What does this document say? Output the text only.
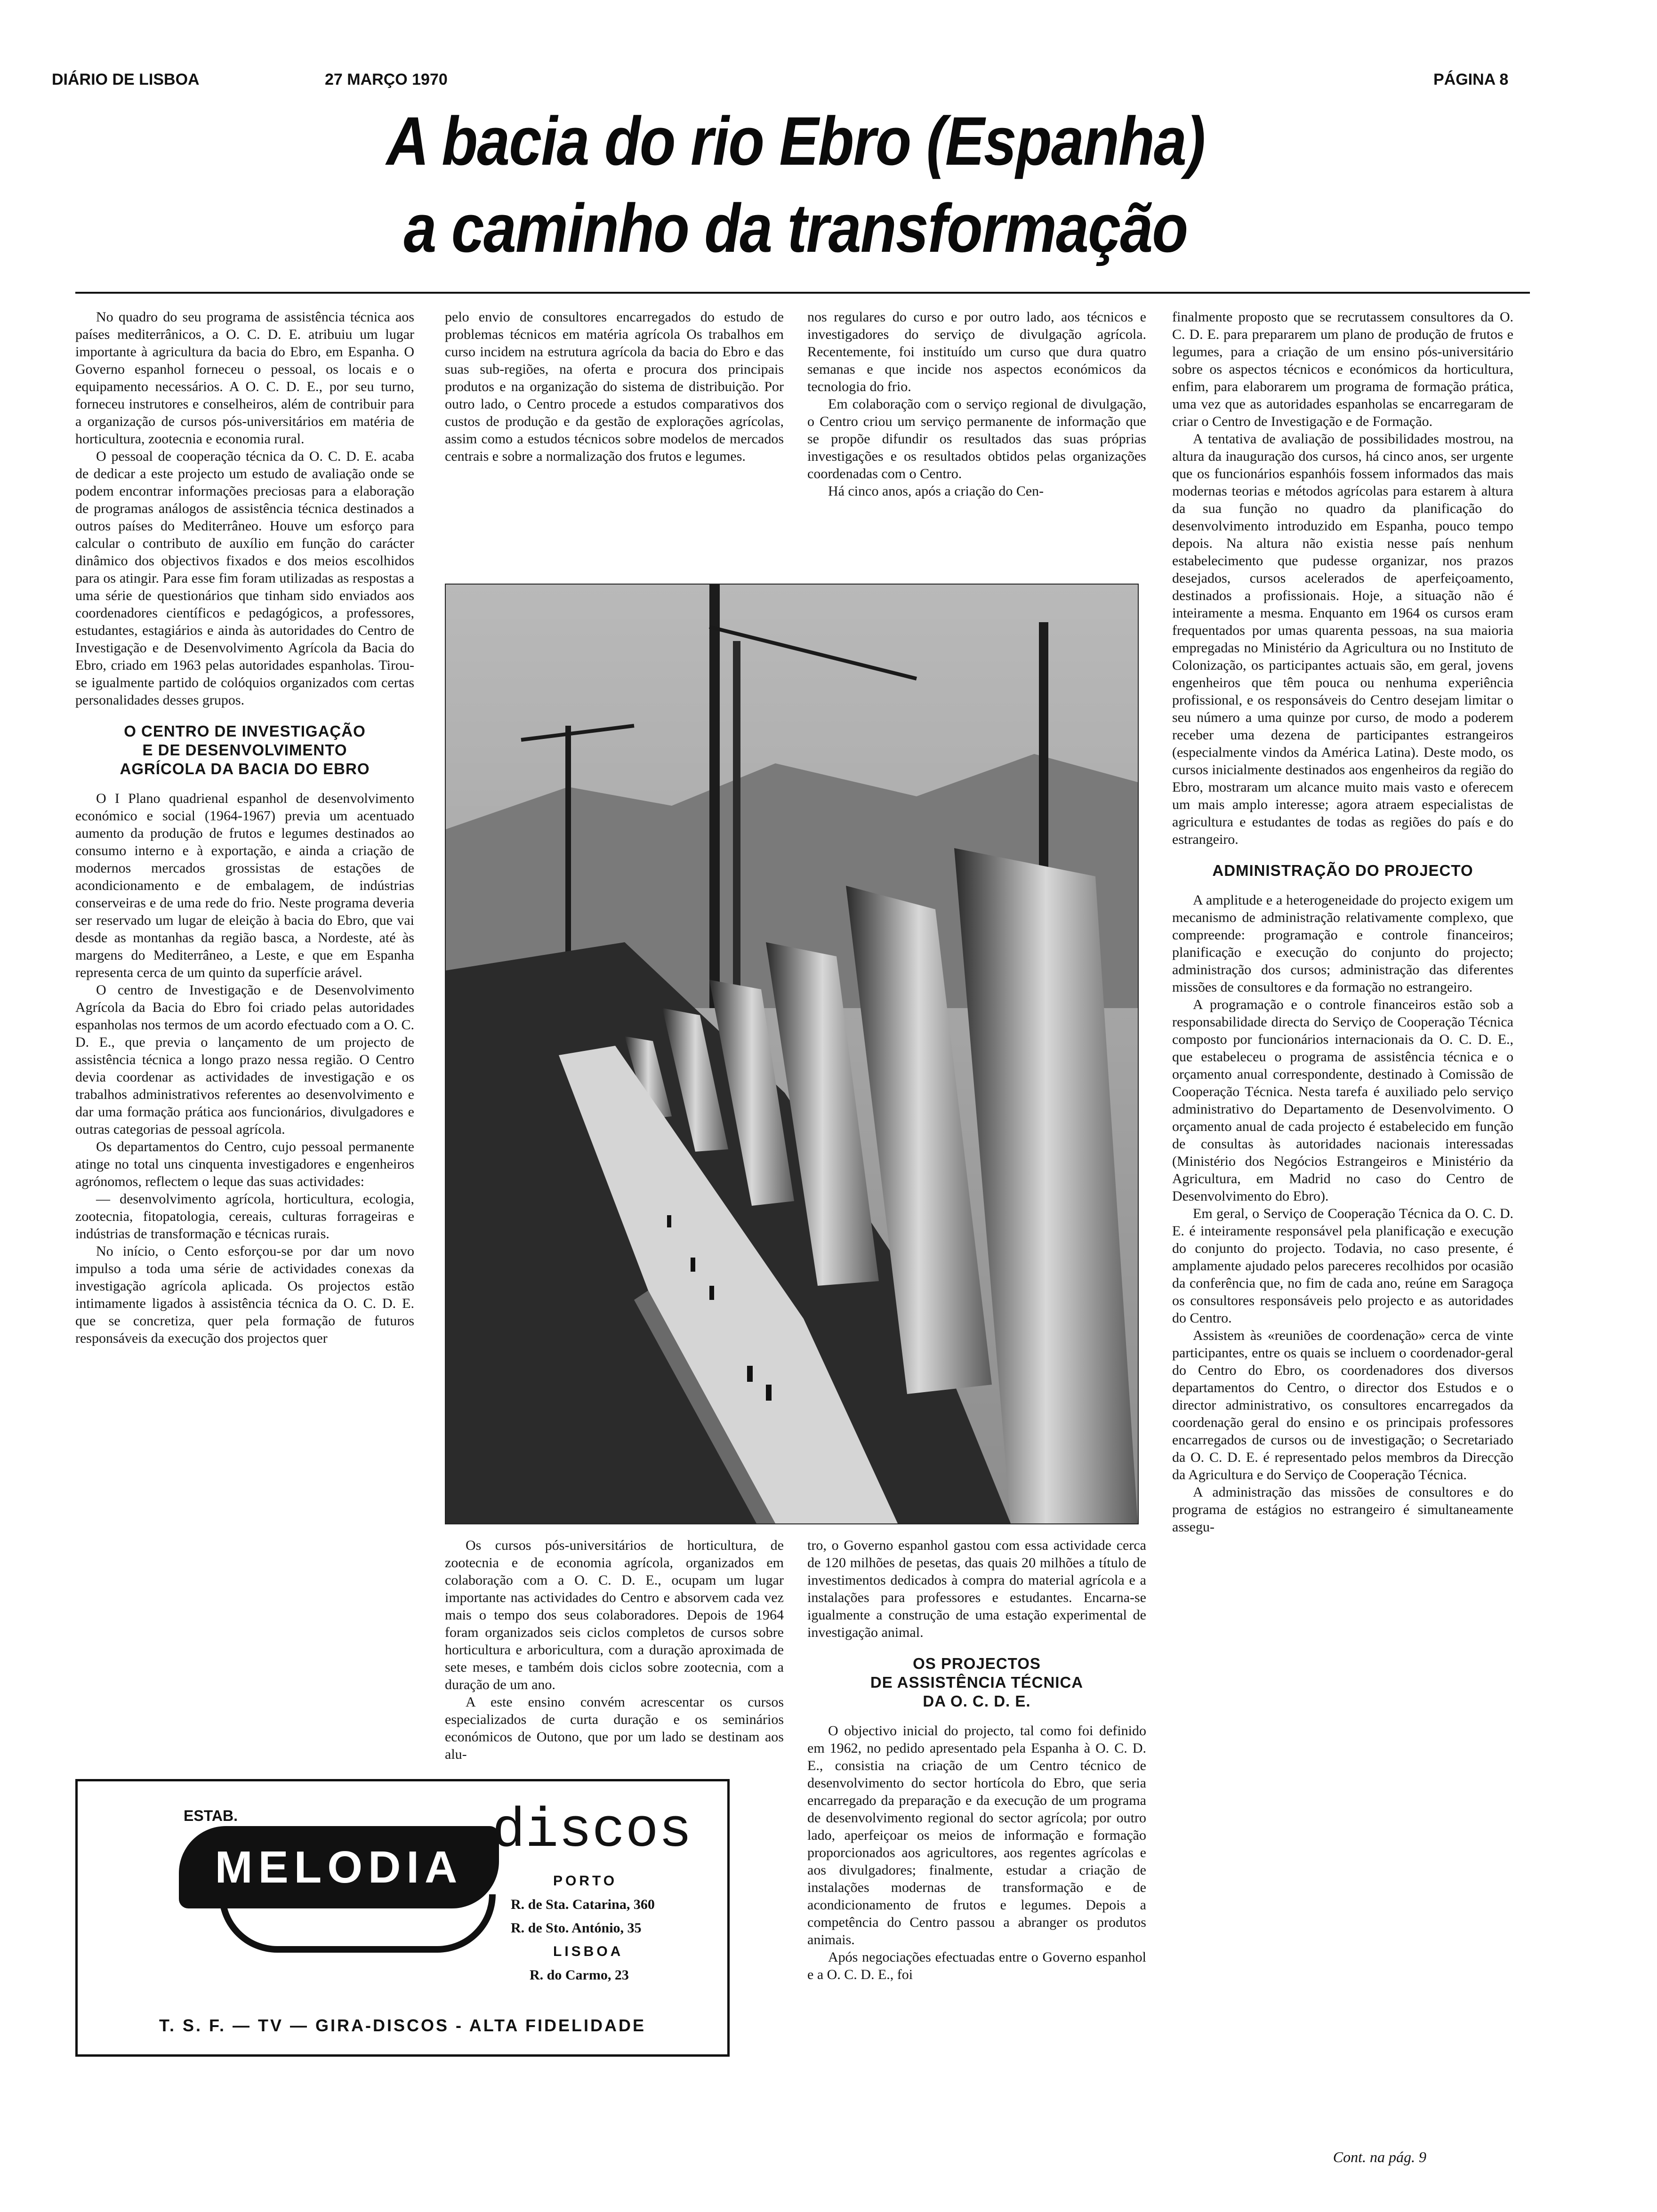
DIÁRIO DE LISBOA	27 MARÇO 1970	PÁGINA 8
A bacia do rio Ebro (Espanha)
a caminho da transformação

No quadro do seu programa de assistência técnica aos países mediterrânicos, a O. C. D. E. atribuiu um lugar importante à agricultura da bacia do Ebro, em Espanha. O Governo espanhol forneceu o pessoal, os locais e o equipamento necessários. A O. C. D. E., por seu turno, forneceu instrutores e conselheiros, além de contribuir para a organização de cursos pós-universitários em matéria de horticultura, zootecnia e economia rural.

O pessoal de cooperação técnica da O. C. D. E. acaba de dedicar a este projecto um estudo de avaliação onde se podem encontrar informações preciosas para a elaboração de programas análogos de assistência técnica destinados a outros países do Mediterrâneo. Houve um esforço para calcular o contributo de auxílio em função do carácter dinâmico dos objectivos fixados e dos meios escolhidos para os atingir. Para esse fim foram utilizadas as respostas a uma série de questionários que tinham sido enviados aos coordenadores científicos e pedagógicos, a professores, estudantes, estagiários e ainda às autoridades do Centro de Investigação e de Desenvolvimento Agrícola da Bacia do Ebro, criado em 1963 pelas autoridades espanholas. Tirou-se igualmente partido de colóquios organizados com certas personalidades desses grupos.

O CENTRO DE INVESTIGAÇÃO
E DE DESENVOLVIMENTO
AGRÍCOLA DA BACIA DO EBRO

O I Plano quadrienal espanhol de desenvolvimento económico e social (1964-1967) previa um acentuado aumento da produção de frutos e legumes destinados ao consumo interno e à exportação, e ainda a criação de modernos mercados grossistas de estações de acondicionamento e de embalagem, de indústrias conserveiras e de uma rede do frio. Neste programa deveria ser reservado um lugar de eleição à bacia do Ebro, que vai desde as montanhas da região basca, a Nordeste, até às margens do Mediterrâneo, a Leste, e que em Espanha representa cerca de um quinto da superfície arável.

O centro de Investigação e de Desenvolvimento Agrícola da Bacia do Ebro foi criado pelas autoridades espanholas nos termos de um acordo efectuado com a O. C. D. E., que previa o lançamento de um projecto de assistência técnica a longo prazo nessa região. O Centro devia coordenar as actividades de investigação e os trabalhos administrativos referentes ao desenvolvimento e dar uma formação prática aos funcionários, divulgadores e outras categorias de pessoal agrícola.

Os departamentos do Centro, cujo pessoal permanente atinge no total uns cinquenta investigadores e engenheiros agrónomos, reflectem o leque das suas actividades:

— desenvolvimento agrícola, horticultura, ecologia, zootecnia, fitopatologia, cereais, culturas forrageiras e indústrias de transformação e técnicas rurais.

No início, o Cento esforçou-se por dar um novo impulso a toda uma série de actividades conexas da investigação agrícola aplicada. Os projectos estão intimamente ligados à assistência técnica da O. C. D. E. que se concretiza, quer pela formação de futuros responsáveis da execução dos projectos quer

pelo envio de consultores encarregados do estudo de problemas técnicos em matéria agrícola Os trabalhos em curso incidem na estrutura agrícola da bacia do Ebro e das suas sub-regiões, na oferta e procura dos principais produtos e na organização do sistema de distribuição. Por outro lado, o Centro procede a estudos comparativos dos custos de produção e da gestão de explorações agrícolas, assim como a estudos técnicos sobre modelos de mercados centrais e sobre a normalização dos frutos e legumes.

nos regulares do curso e por outro lado, aos técnicos e investigadores do serviço de divulgação agrícola. Recentemente, foi instituído um curso que dura quatro semanas e que incide nos aspectos económicos da tecnologia do frio.

Em colaboração com o serviço regional de divulgação, o Centro criou um serviço permanente de informação que se propõe difundir os resultados das suas próprias investigações e os resultados obtidos pelas organizações coordenadas com o Centro.

Há cinco anos, após a criação do Cen-

Os cursos pós-universitários de horticultura, de zootecnia e de economia agrícola, organizados em colaboração com a O. C. D. E., ocupam um lugar importante nas actividades do Centro e absorvem cada vez mais o tempo dos seus colaboradores. Depois de 1964 foram organizados seis ciclos completos de cursos sobre horticultura e arboricultura, com a duração aproximada de sete meses, e também dois ciclos sobre zootecnia, com a duração de um ano.

A este ensino convém acrescentar os cursos especializados de curta duração e os seminários económicos de Outono, que por um lado se destinam aos alu-

tro, o Governo espanhol gastou com essa actividade cerca de 120 milhões de pesetas, das quais 20 milhões a título de investimentos dedicados à compra do material agrícola e a instalações para professores e estudantes. Encarna-se igualmente a construção de uma estação experimental de investigação animal.

OS PROJECTOS
DE ASSISTÊNCIA TÉCNICA
DA O. C. D. E.

O objectivo inicial do projecto, tal como foi definido em 1962, no pedido apresentado pela Espanha à O. C. D. E., consistia na criação de um Centro técnico de desenvolvimento do sector hortícola do Ebro, que seria encarregado da preparação e da execução de um programa de desenvolvimento regional do sector agrícola; por outro lado, aperfeiçoar os meios de informação e formação proporcionados aos agricultores, aos regentes agrícolas e aos divulgadores; finalmente, estudar a criação de instalações modernas de transformação e de acondicionamento de frutos e legumes. Depois a competência do Centro passou a abranger os produtos animais.

Após negociações efectuadas entre o Governo espanhol e a O. C. D. E., foi

finalmente proposto que se recrutassem consultores da O. C. D. E. para prepararem um plano de produção de frutos e legumes, para a criação de um ensino pós-universitário sobre os aspectos técnicos e económicos da horticultura, enfim, para elaborarem um programa de formação prática, uma vez que as autoridades espanholas se encarregaram de criar o Centro de Investigação e de Formação.

A tentativa de avaliação de possibilidades mostrou, na altura da inauguração dos cursos, há cinco anos, ser urgente que os funcionários espanhóis fossem informados das mais modernas teorias e métodos agrícolas para estarem à altura da sua função no quadro da planificação do desenvolvimento introduzido em Espanha, pouco tempo depois. Na altura não existia nesse país nenhum estabelecimento que pudesse organizar, nos prazos desejados, cursos acelerados de aperfeiçoamento, destinados a profissionais. Hoje, a situação não é inteiramente a mesma. Enquanto em 1964 os cursos eram frequentados por umas quarenta pessoas, na sua maioria empregadas no Ministério da Agricultura ou no Instituto de Colonização, os participantes actuais são, em geral, jovens engenheiros que têm pouca ou nenhuma experiência profissional, e os responsáveis do Centro desejam limitar o seu número a uma quinze por curso, de modo a poderem receber uma dezena de participantes estrangeiros (especialmente vindos da América Latina). Deste modo, os cursos inicialmente destinados aos engenheiros da região do Ebro, mostraram um alcance muito mais vasto e oferecem um mais amplo interesse; agora atraem especialistas de agricultura e estudantes de todas as regiões do país e do estrangeiro.

ADMINISTRAÇÃO DO PROJECTO

A amplitude e a heterogeneidade do projecto exigem um mecanismo de administração relativamente complexo, que compreende: programação e controle financeiros; planificação e execução do conjunto do projecto; administração dos cursos; administração das diferentes missões de consultores e da formação no estrangeiro.

A programação e o controle financeiros estão sob a responsabilidade directa do Serviço de Cooperação Técnica composto por funcionários internacionais da O. C. D. E., que estabeleceu o programa de assistência técnica e o orçamento anual correspondente, destinado à Comissão de Cooperação Técnica. Nesta tarefa é auxiliado pelo serviço administrativo do Departamento de Desenvolvimento. O orçamento anual de cada projecto é estabelecido em função de consultas às autoridades nacionais interessadas (Ministério dos Negócios Estrangeiros e Ministério da Agricultura, em Madrid no caso do Centro de Desenvolvimento do Ebro).

Em geral, o Serviço de Cooperação Técnica da O. C. D. E. é inteiramente responsável pela planificação e execução do conjunto do projecto. Todavia, no caso presente, é amplamente ajudado pelos pareceres recolhidos por ocasião da conferência que, no fim de cada ano, reúne em Saragoça os consultores responsáveis pelo projecto e as autoridades do Centro.

Assistem às «reuniões de coordenação» cerca de vinte participantes, entre os quais se incluem o coordenador-geral do Centro do Ebro, os coordenadores dos diversos departamentos do Centro, o director dos Estudos e o director administrativo, os consultores encarregados da coordenação geral do ensino e os principais professores encarregados de cursos ou de investigação; o Secretariado da O. C. D. E. é representado pelos membros da Direcção da Agricultura e do Serviço de Cooperação Técnica.

A administração das missões de consultores e do programa de estágios no estrangeiro é simultaneamente assegu-

Cont. na pág. 9
ESTAB.
MELODIA
discos
PORTO
R. de Sta. Catarina, 360
R. de Sto. António, 35
LISBOA
R. do Carmo, 23
T. S. F. — TV — GIRA-DISCOS - ALTA FIDELIDADE
